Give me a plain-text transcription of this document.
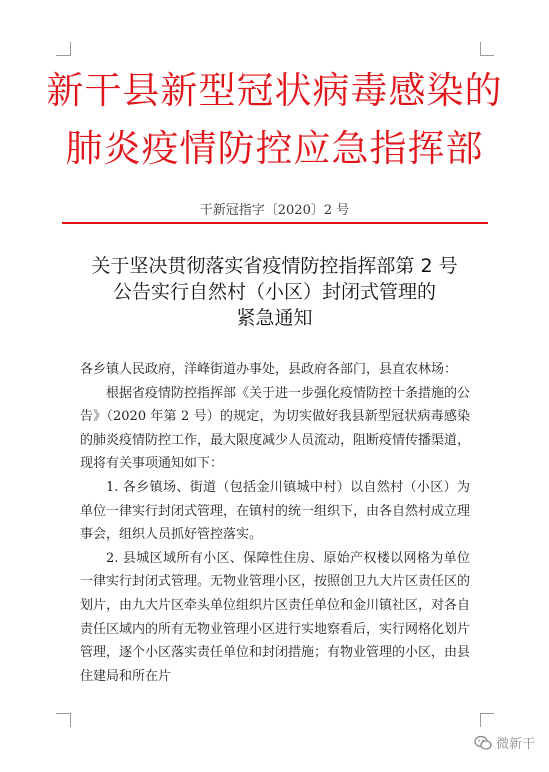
新干县新型冠状病毒感染的
肺炎疫情防控应急指挥部
干新冠指字〔2020〕2 号
关于坚决贯彻落实省疫情防控指挥部第 2 号
公告实行自然村（小区）封闭式管理的
紧急通知

各乡镇人民政府，洋峰街道办事处，县政府各部门，县直农林场：

根据省疫情防控指挥部《关于进一步强化疫情防控十条措施的公告》（2020 年第 2 号）的规定，为切实做好我县新型冠状病毒感染的肺炎疫情防控工作，最大限度减少人员流动，阻断疫情传播渠道，现将有关事项通知如下：

1. 各乡镇场、街道（包括金川镇城中村）以自然村（小区）为单位一律实行封闭式管理，在镇村的统一组织下，由各自然村成立理事会，组织人员抓好管控落实。

2. 县城区域所有小区、保障性住房、原始产权楼以网格为单位一律实行封闭式管理。无物业管理小区，按照创卫九大片区责任区的划片，由九大片区牵头单位组织片区责任单位和金川镇社区，对各自责任区域内的所有无物业管理小区进行实地察看后，实行网格化划片管理，逐个小区落实责任单位和封闭措施；有物业管理的小区，由县住建局和所在片

微新干
